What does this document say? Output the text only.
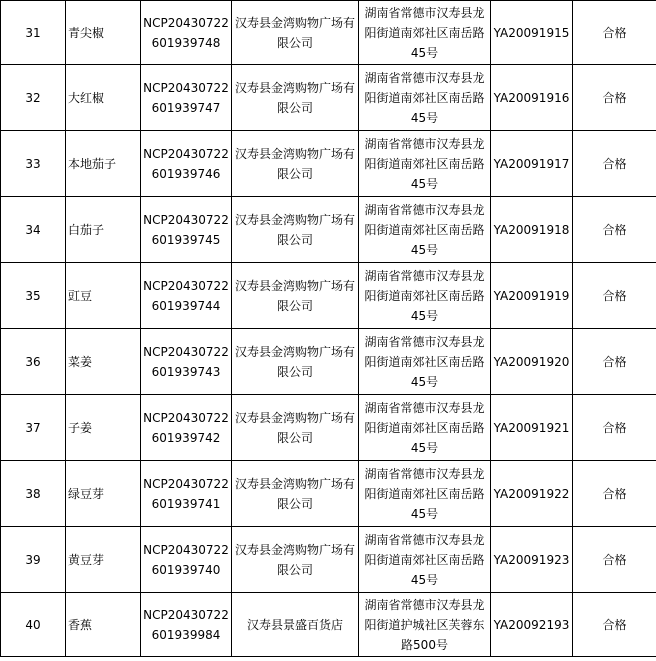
31	青尖椒	NCP20430722601939748	汉寿县金湾购物广场有限公司	湖南省常德市汉寿县龙阳街道南郊社区南岳路45号	YA20091915	合格
32	大红椒	NCP20430722601939747	汉寿县金湾购物广场有限公司	湖南省常德市汉寿县龙阳街道南郊社区南岳路45号	YA20091916	合格
33	本地茄子	NCP20430722601939746	汉寿县金湾购物广场有限公司	湖南省常德市汉寿县龙阳街道南郊社区南岳路45号	YA20091917	合格
34	白茄子	NCP20430722601939745	汉寿县金湾购物广场有限公司	湖南省常德市汉寿县龙阳街道南郊社区南岳路45号	YA20091918	合格
35	豇豆	NCP20430722601939744	汉寿县金湾购物广场有限公司	湖南省常德市汉寿县龙阳街道南郊社区南岳路45号	YA20091919	合格
36	菜姜	NCP20430722601939743	汉寿县金湾购物广场有限公司	湖南省常德市汉寿县龙阳街道南郊社区南岳路45号	YA20091920	合格
37	子姜	NCP20430722601939742	汉寿县金湾购物广场有限公司	湖南省常德市汉寿县龙阳街道南郊社区南岳路45号	YA20091921	合格
38	绿豆芽	NCP20430722601939741	汉寿县金湾购物广场有限公司	湖南省常德市汉寿县龙阳街道南郊社区南岳路45号	YA20091922	合格
39	黄豆芽	NCP20430722601939740	汉寿县金湾购物广场有限公司	湖南省常德市汉寿县龙阳街道南郊社区南岳路45号	YA20091923	合格
40	香蕉	NCP20430722601939984	汉寿县景盛百货店	湖南省常德市汉寿县龙阳街道护城社区芙蓉东路500号	YA20092193	合格
